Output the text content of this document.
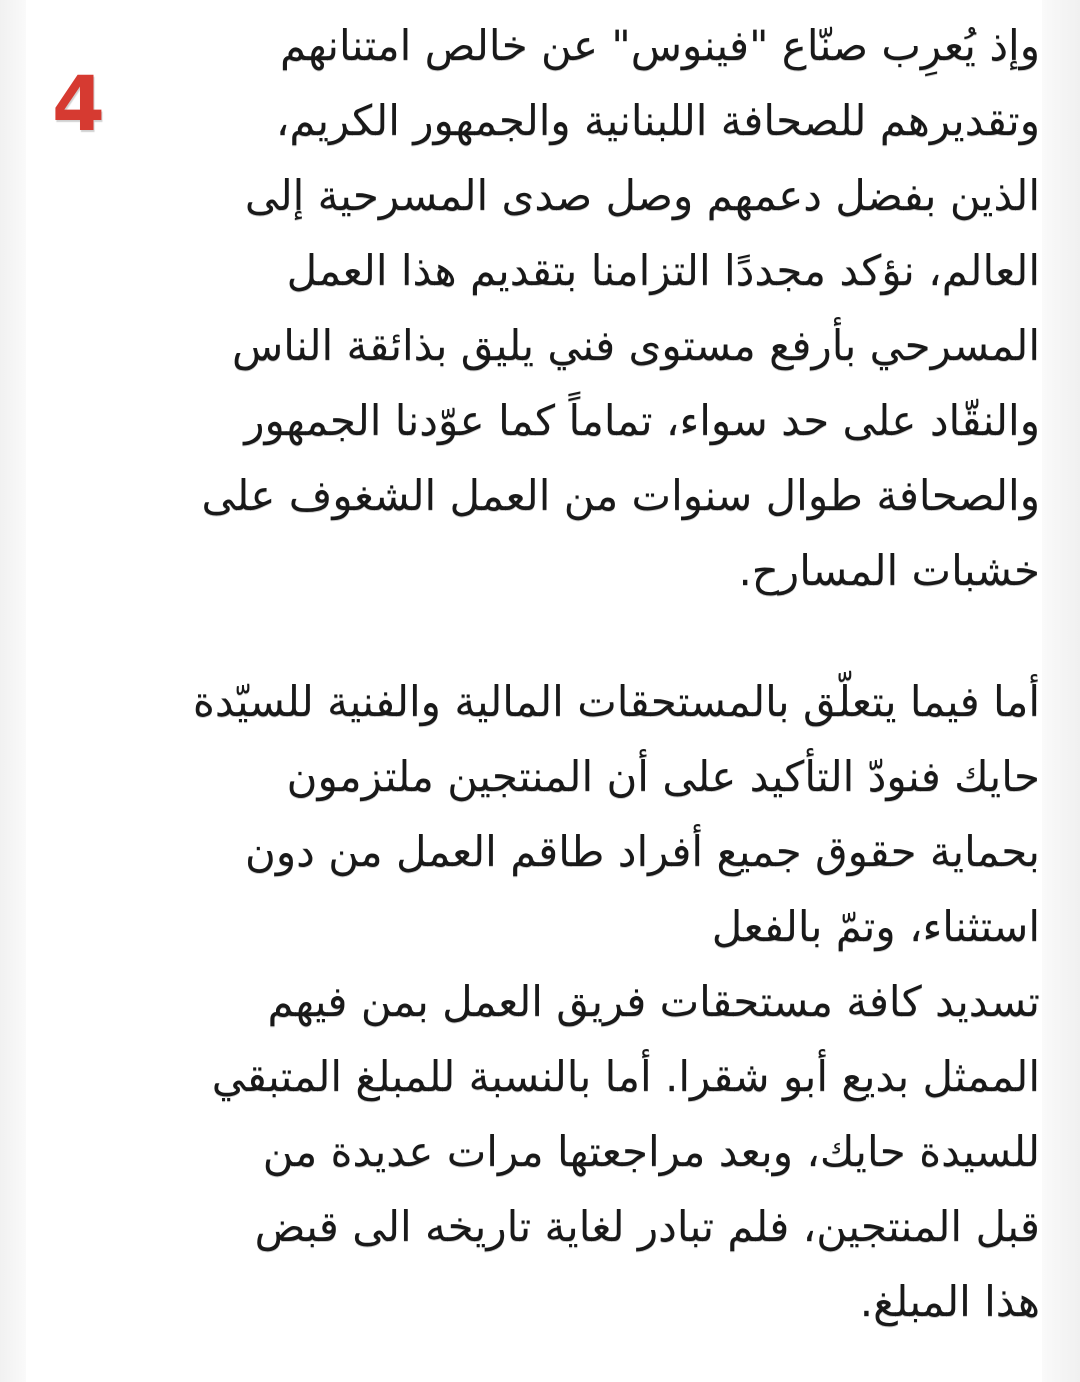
4
وإذ يُعرِب صنّاع "فينوس" عن خالص امتنانهم
وتقديرهم للصحافة اللبنانية والجمهور الكريم،
الذين بفضل دعمهم وصل صدى المسرحية إلى
العالم، نؤكد مجددًا التزامنا بتقديم هذا العمل
المسرحي بأرفع مستوى فني يليق بذائقة الناس
والنقّاد على حد سواء، تماماً كما عوّدنا الجمهور
والصحافة طوال سنوات من العمل الشغوف على
خشبات المسارح.
أما فيما يتعلّق بالمستحقات المالية والفنية للسيّدة
حايك فنودّ التأكيد على أن المنتجين ملتزمون
بحماية حقوق جميع أفراد طاقم العمل من دون
استثناء، وتمّ بالفعل
تسديد كافة مستحقات فريق العمل بمن فيهم
الممثل بديع أبو شقرا. أما بالنسبة للمبلغ المتبقي
للسيدة حايك، وبعد مراجعتها مرات عديدة من
قبل المنتجين، فلم تبادر لغاية تاريخه الى قبض
هذا المبلغ.
